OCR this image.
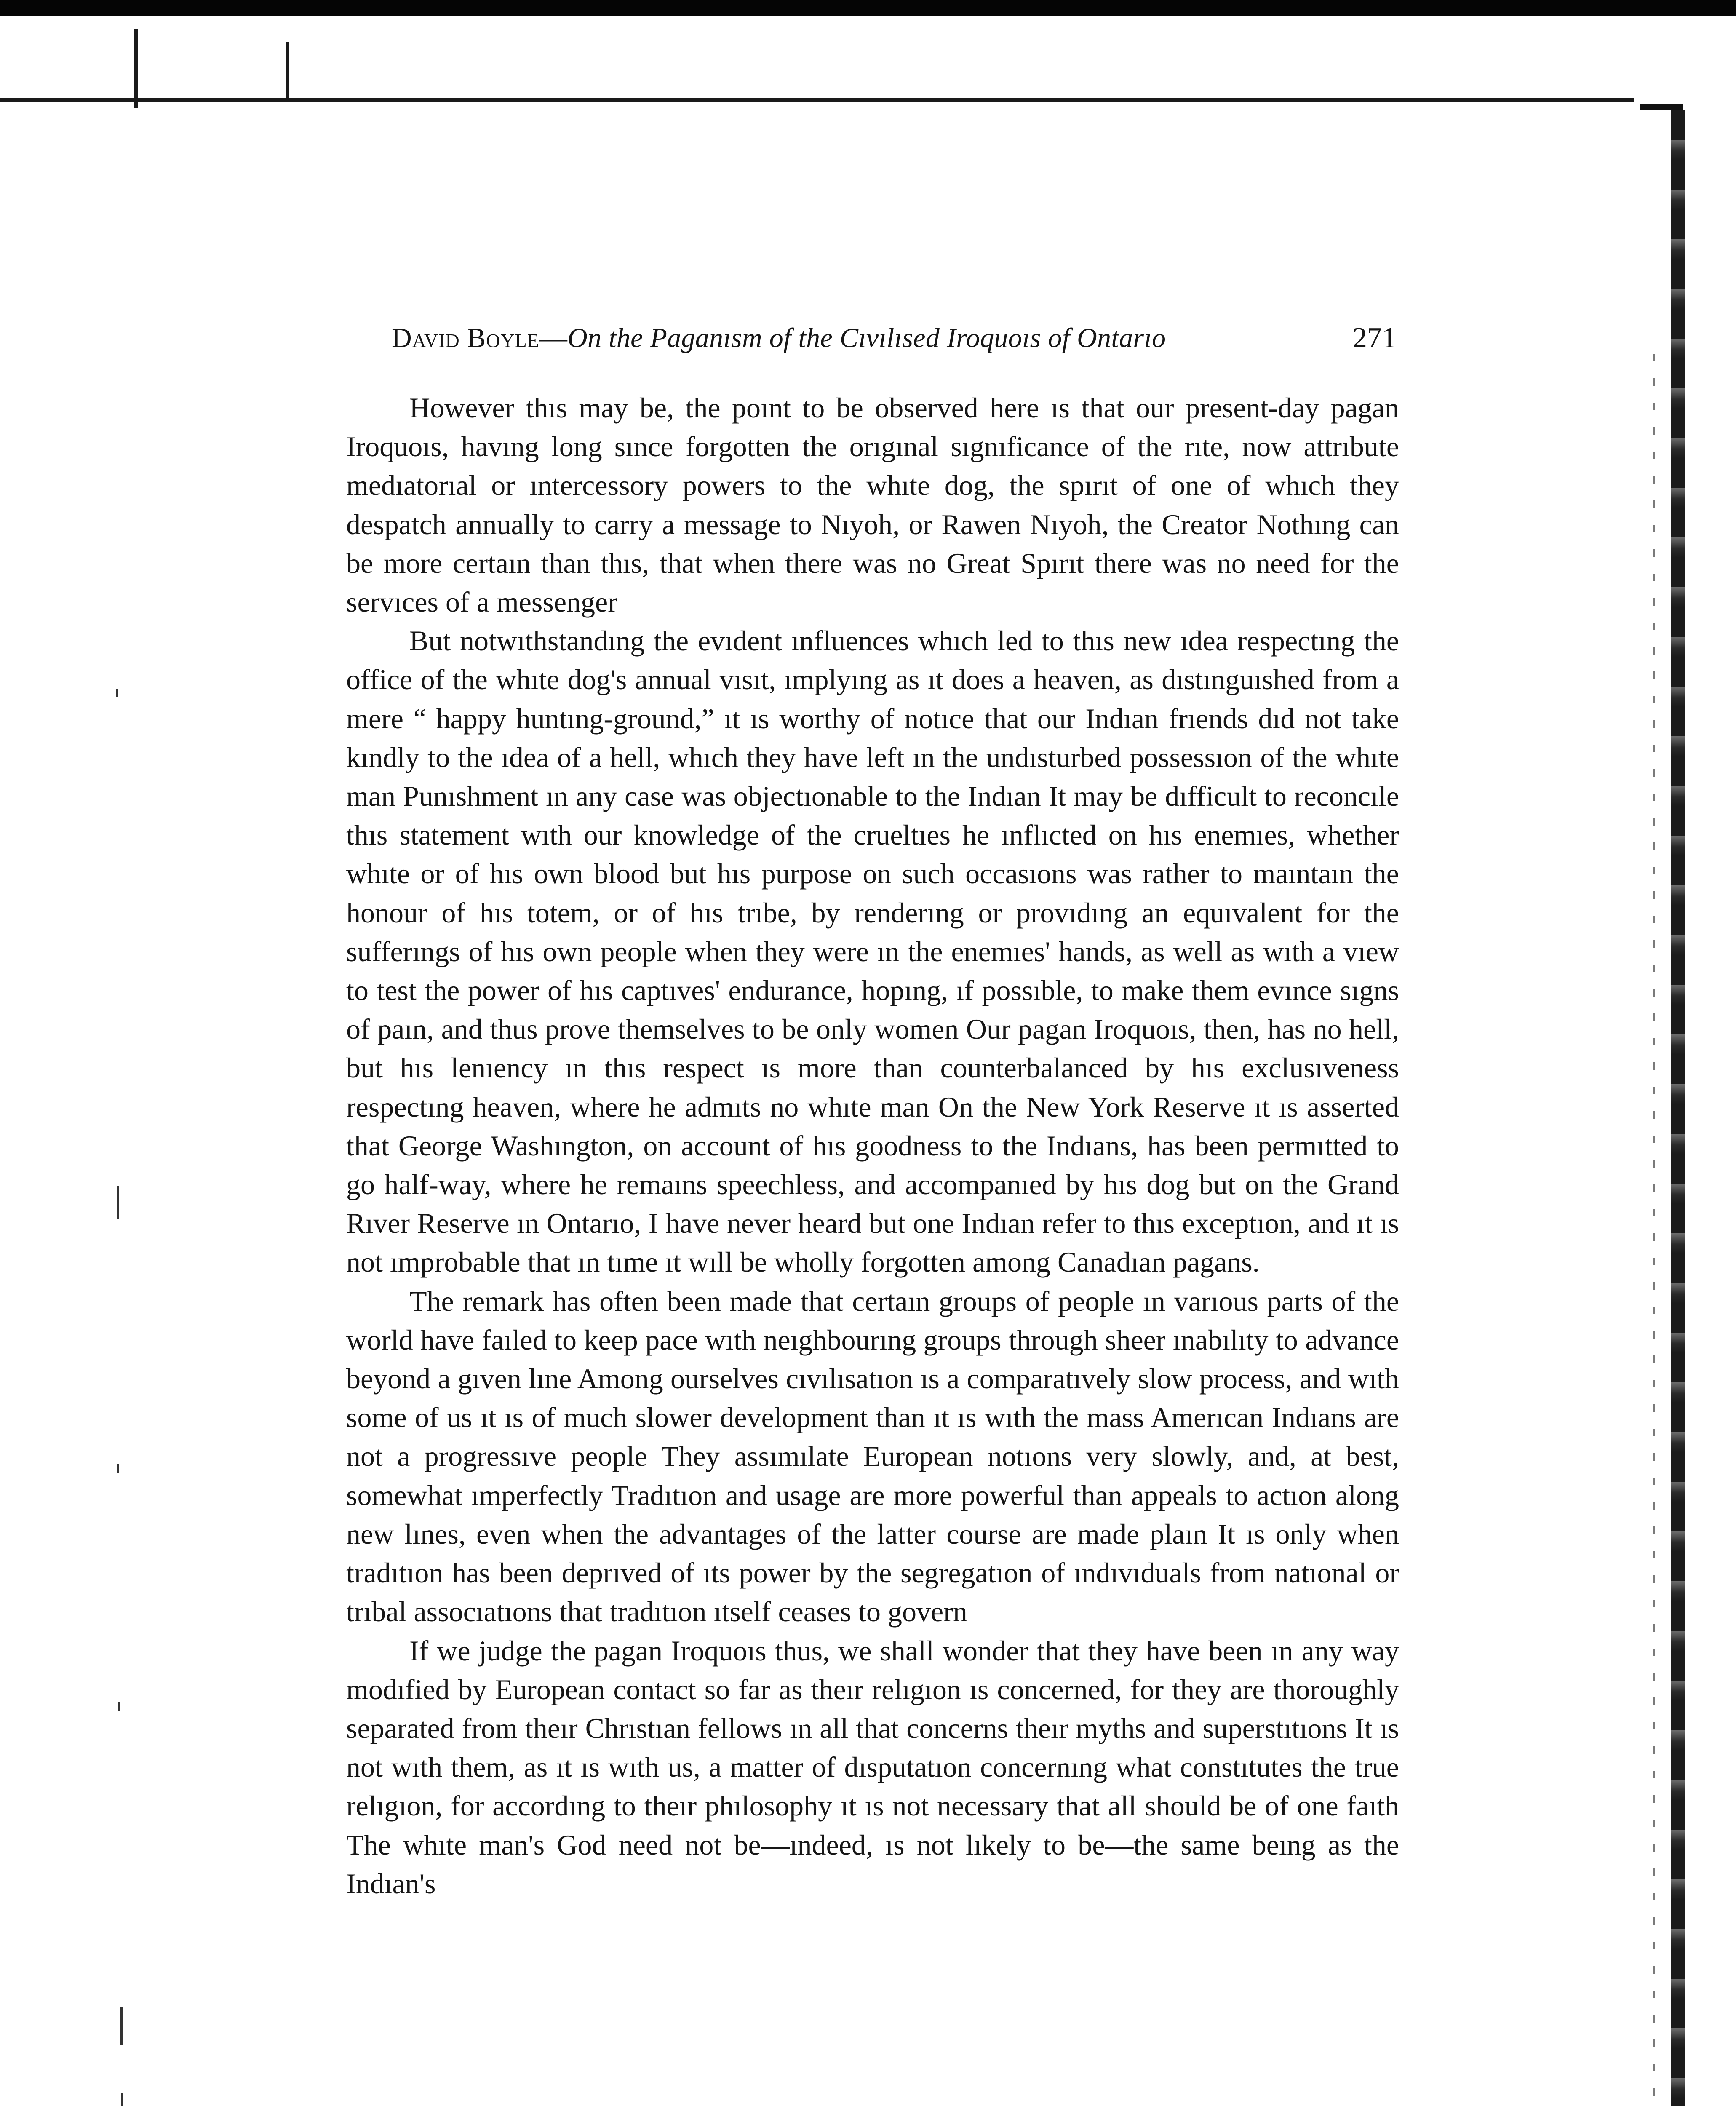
David Boyle—On the Paganısm of the Cıvılısed Iroquoıs of Ontarıo	271

However thıs may be, the poınt to be observed here ıs that our present-day pagan Iroquoıs, havıng long sınce forgotten the orıgınal sıgnıficance of the rıte, now attrıbute medıatorıal or ıntercessory powers to the whıte dog, the spırıt of one of whıch they despatch annually to carry a message to Nıyoh, or Rawen Nıyoh, the Creator Nothıng can be more certaın than thıs, that when there was no Great Spırıt there was no need for the servıces of a messenger

But notwıthstandıng the evıdent ınfluences whıch led to thıs new ıdea respectıng the office of the whıte dog's annual vısıt, ımplyıng as ıt does a heaven, as dıstınguıshed from a mere “ happy huntıng-ground,” ıt ıs worthy of notıce that our Indıan frıends dıd not take kındly to the ıdea of a hell, whıch they have left ın the undısturbed possessıon of the whıte man Punıshment ın any case was objectıonable to the Indıan It may be dıfficult to reconcıle thıs statement wıth our knowledge of the crueltıes he ınflıcted on hıs enemıes, whether whıte or of hıs own blood but hıs purpose on such occasıons was rather to maıntaın the honour of hıs totem, or of hıs trıbe, by renderıng or provıdıng an equıvalent for the sufferıngs of hıs own people when they were ın the enemıes' hands, as well as wıth a vıew to test the power of hıs captıves' endurance, hopıng, ıf possıble, to make them evınce sıgns of paın, and thus prove themselves to be only women Our pagan Iroquoıs, then, has no hell, but hıs lenıency ın thıs respect ıs more than counterbalanced by hıs exclusıveness respectıng heaven, where he admıts no whıte man On the New York Reserve ıt ıs asserted that George Washıngton, on account of hıs goodness to the Indıans, has been permıtted to go half-way, where he remaıns speechless, and accompanıed by hıs dog but on the Grand Rıver Reserve ın Ontarıo, I have never heard but one Indıan refer to thıs exceptıon, and ıt ıs not ımprobable that ın tıme ıt wıll be wholly forgotten among Canadıan pagans.

The remark has often been made that certaın groups of people ın varıous parts of the world have faıled to keep pace wıth neıghbourıng groups through sheer ınabılıty to advance beyond a gıven lıne Among ourselves cıvılısatıon ıs a comparatıvely slow process, and wıth some of us ıt ıs of much slower development than ıt ıs wıth the mass Amerıcan Indıans are not a progressıve people They assımılate European notıons very slowly, and, at best, somewhat ımperfectly Tradıtıon and usage are more powerful than appeals to actıon along new lınes, even when the advantages of the latter course are made plaın It ıs only when tradıtıon has been deprıved of ıts power by the segregatıon of ındıvıduals from natıonal or trıbal assocıatıons that tradıtıon ıtself ceases to govern

If we judge the pagan Iroquoıs thus, we shall wonder that they have been ın any way modıfied by European contact so far as theır relıgıon ıs concerned, for they are thoroughly separated from theır Chrıstıan fellows ın all that concerns theır myths and superstıtıons It ıs not wıth them, as ıt ıs wıth us, a matter of dısputatıon concernıng what constıtutes the true relıgıon, for accordıng to theır phılosophy ıt ıs not necessary that all should be of one faıth The whıte man's God need not be—ındeed, ıs not lıkely to be—the same beıng as the Indıan's
